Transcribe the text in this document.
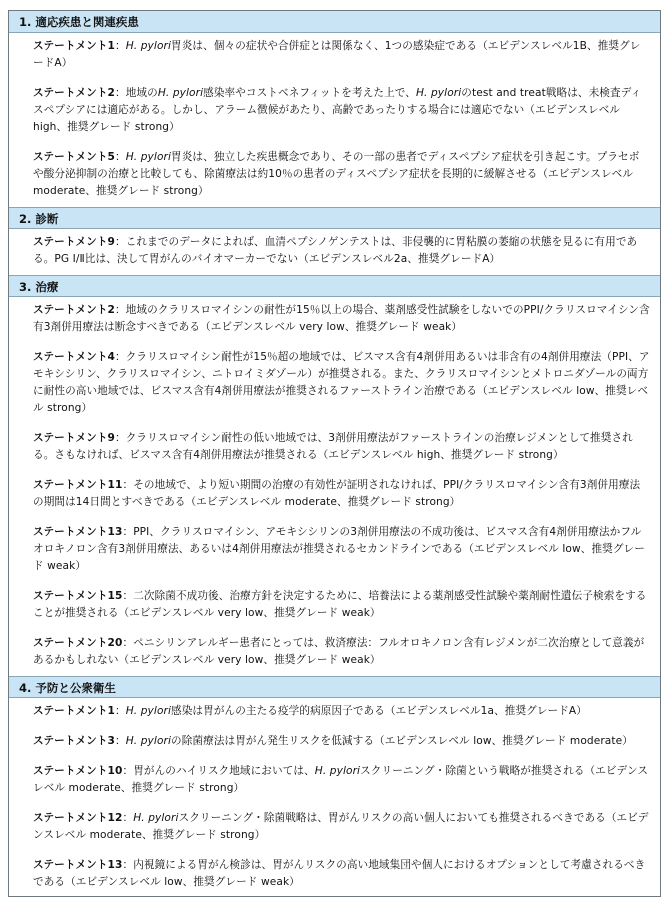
1. 適応疾患と関連疾患

ステートメント1：H. pylori胃炎は、個々の症状や合併症とは関係なく、1つの感染症である（エビデンスレベル1B、推奨グレードA）

ステートメント2：地域のH. pylori感染率やコストベネフィットを考えた上で、H. pyloriのtest and treat戦略は、未検査ディスペプシアには適応がある。しかし、アラーム徴候があたり、高齢であったりする場合には適応でない（エビデンスレベル high、推奨グレード strong）

ステートメント5：H. pylori胃炎は、独立した疾患概念であり、その一部の患者でディスペプシア症状を引き起こす。プラセボや酸分泌抑制の治療と比較しても、除菌療法は約10％の患者のディスペプシア症状を長期的に緩解させる（エビデンスレベル moderate、推奨グレード strong）

2. 診断

ステートメント9：これまでのデータによれば、血清ペプシノゲンテストは、非侵襲的に胃粘膜の萎縮の状態を見るに有用である。PG Ⅰ/Ⅱ比は、決して胃がんのバイオマーカーでない（エビデンスレベル2a、推奨グレードA）

3. 治療

ステートメント2：地域のクラリスロマイシンの耐性が15％以上の場合、薬剤感受性試験をしないでのPPI/クラリスロマイシン含有3剤併用療法は断念すべきである（エビデンスレベル very low、推奨グレード weak）

ステートメント4：クラリスロマイシン耐性が15％超の地域では、ビスマス含有4剤併用あるいは非含有の4剤併用療法（PPI、アモキシシリン、クラリスロマイシン、ニトロイミダゾール）が推奨される。また、クラリスロマイシンとメトロニダゾールの両方に耐性の高い地域では、ビスマス含有4剤併用療法が推奨されるファーストライン治療である（エビデンスレベル low、推奨レベル strong）

ステートメント9：クラリスロマイシン耐性の低い地域では、3剤併用療法がファーストラインの治療レジメンとして推奨される。さもなければ、ビスマス含有4剤併用療法が推奨される（エビデンスレベル high、推奨グレード strong）

ステートメント11：その地域で、より短い期間の治療の有効性が証明されなければ、PPI/クラリスロマイシン含有3剤併用療法の期間は14日間とすべきである（エビデンスレベル moderate、推奨グレード strong）

ステートメント13：PPI、クラリスロマイシン、アモキシシリンの3剤併用療法の不成功後は、ビスマス含有4剤併用療法かフルオロキノロン含有3剤併用療法、あるいは4剤併用療法が推奨されるセカンドラインである（エビデンスレベル low、推奨グレード weak）

ステートメント15：二次除菌不成功後、治療方針を決定するために、培養法による薬剤感受性試験や薬剤耐性遺伝子検索をすることが推奨される（エビデンスレベル very low、推奨グレード weak）

ステートメント20：ペニシリンアレルギー患者にとっては、救済療法：フルオロキノロン含有レジメンが二次治療として意義があるかもしれない（エビデンスレベル very low、推奨グレード weak）

4. 予防と公衆衛生

ステートメント1：H. pylori感染は胃がんの主たる疫学的病原因子である（エビデンスレベル1a、推奨グレードA）

ステートメント3：H. pyloriの除菌療法は胃がん発生リスクを低減する（エビデンスレベル low、推奨グレード moderate）

ステートメント10：胃がんのハイリスク地域においては、H. pyloriスクリーニング・除菌という戦略が推奨される（エビデンスレベル moderate、推奨グレード strong）

ステートメント12：H. pyloriスクリーニング・除菌戦略は、胃がんリスクの高い個人においても推奨されるべきである（エビデンスレベル moderate、推奨グレード strong）

ステートメント13：内視鏡による胃がん検診は、胃がんリスクの高い地域集団や個人におけるオプションとして考慮されるべきである（エビデンスレベル low、推奨グレード weak）
